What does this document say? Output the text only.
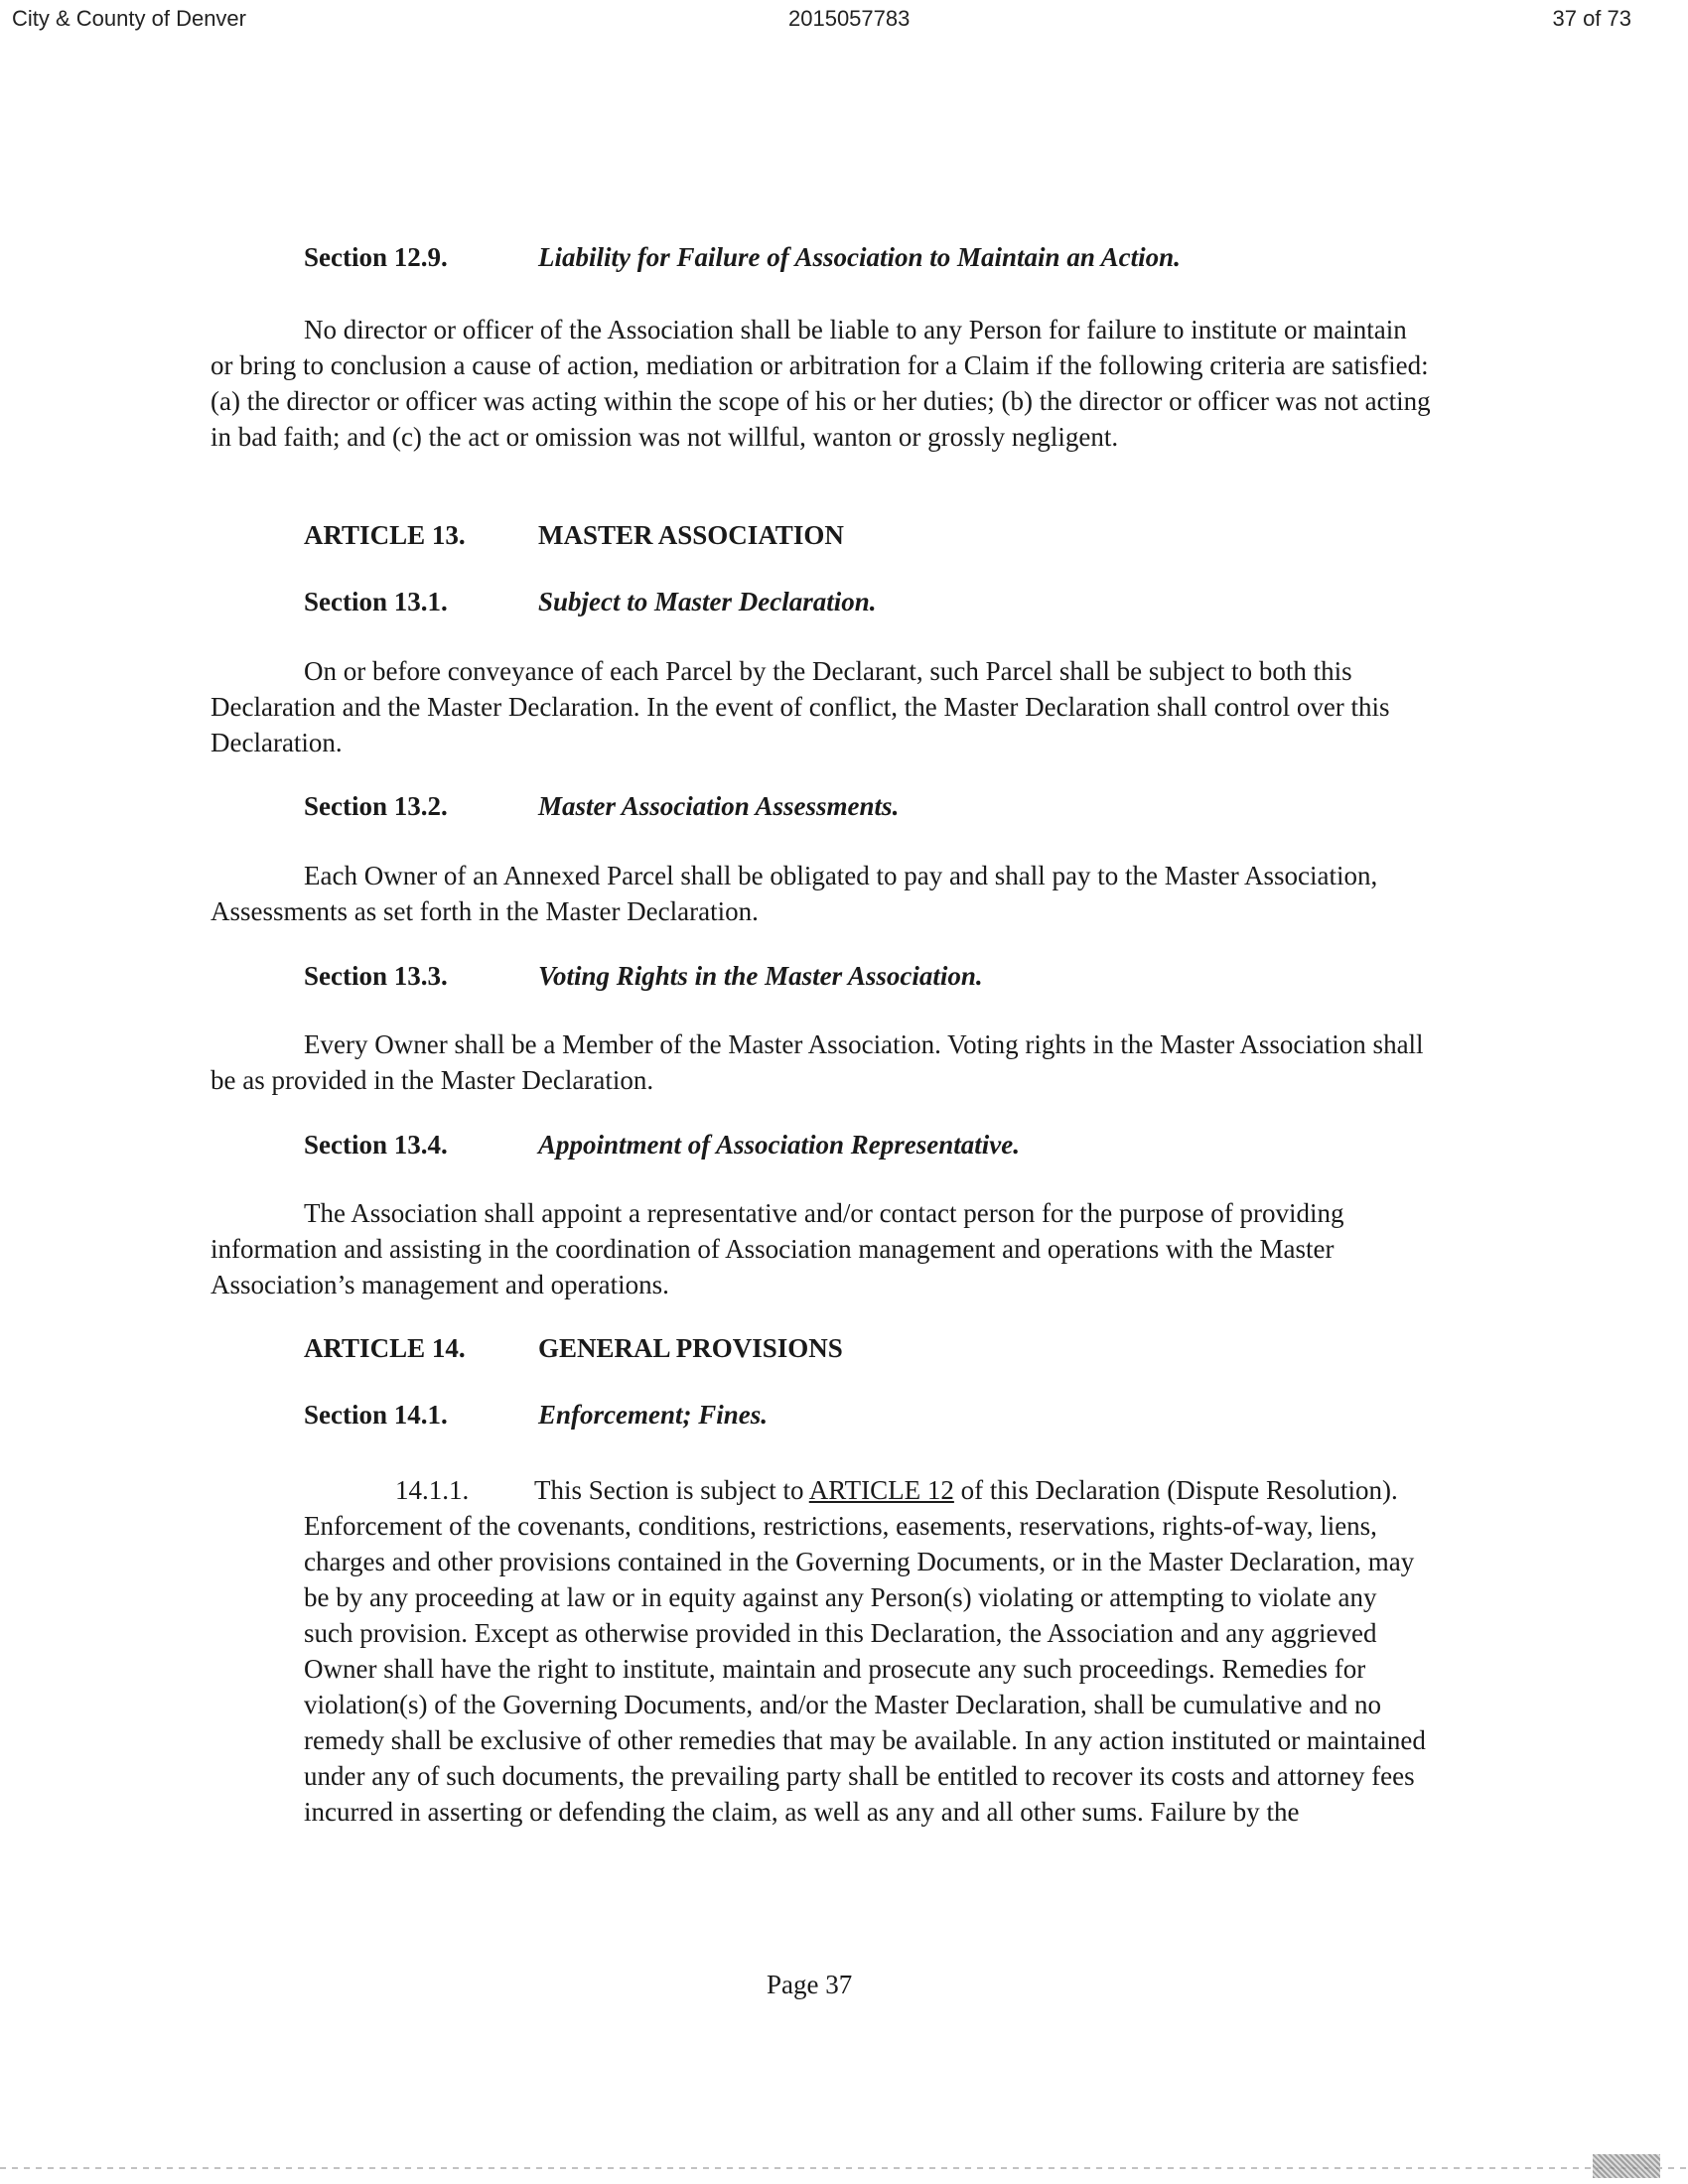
City & County of Denver	2015057783	37 of 73
Section 12.9.	Liability for Failure of Association to Maintain an Action.

No director or officer of the Association shall be liable to any Person for failure to institute or maintain or bring to conclusion a cause of action, mediation or arbitration for a Claim if the following criteria are satisfied: (a) the director or officer was acting within the scope of his or her duties; (b) the director or officer was not acting in bad faith; and (c) the act or omission was not willful, wanton or grossly negligent.

ARTICLE 13.	MASTER ASSOCIATION
Section 13.1.	Subject to Master Declaration.

On or before conveyance of each Parcel by the Declarant, such Parcel shall be subject to both this Declaration and the Master Declaration. In the event of conflict, the Master Declaration shall control over this Declaration.

Section 13.2.	Master Association Assessments.

Each Owner of an Annexed Parcel shall be obligated to pay and shall pay to the Master Association, Assessments as set forth in the Master Declaration.

Section 13.3.	Voting Rights in the Master Association.

Every Owner shall be a Member of the Master Association. Voting rights in the Master Association shall be as provided in the Master Declaration.

Section 13.4.	Appointment of Association Representative.

The Association shall appoint a representative and/or contact person for the purpose of providing information and assisting in the coordination of Association management and operations with the Master Association’s management and operations.

ARTICLE 14.	GENERAL PROVISIONS
Section 14.1.	Enforcement; Fines.

14.1.1. This Section is subject to ARTICLE 12 of this Declaration (Dispute Resolution). Enforcement of the covenants, conditions, restrictions, easements, reservations, rights-of-way, liens, charges and other provisions contained in the Governing Documents, or in the Master Declaration, may be by any proceeding at law or in equity against any Person(s) violating or attempting to violate any such provision. Except as otherwise provided in this Declaration, the Association and any aggrieved Owner shall have the right to institute, maintain and prosecute any such proceedings. Remedies for violation(s) of the Governing Documents, and/or the Master Declaration, shall be cumulative and no remedy shall be exclusive of other remedies that may be available. In any action instituted or maintained under any of such documents, the prevailing party shall be entitled to recover its costs and attorney fees incurred in asserting or defending the claim, as well as any and all other sums. Failure by the

Page 37
